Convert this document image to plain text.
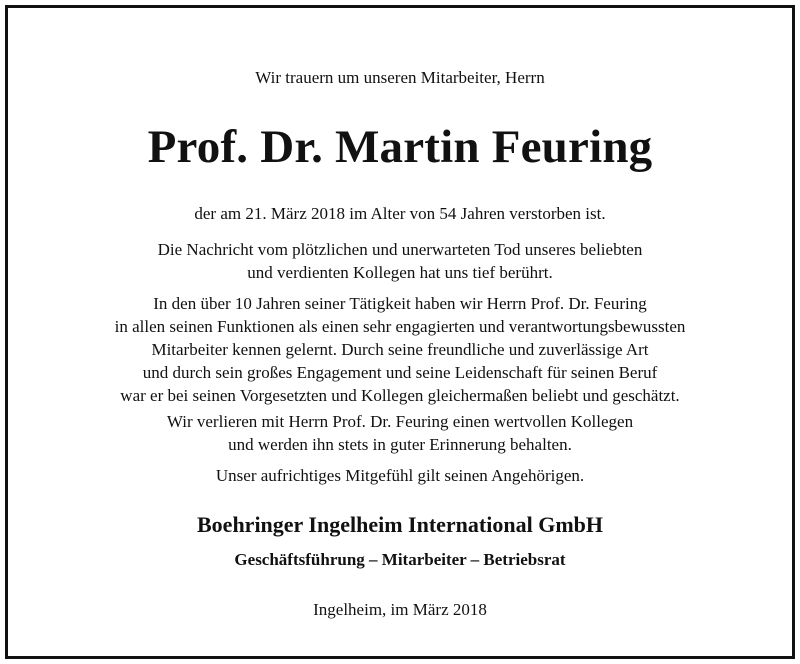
Wir trauern um unseren Mitarbeiter, Herrn
Prof. Dr. Martin Feuring
der am 21. März 2018 im Alter von 54 Jahren verstorben ist.
Die Nachricht vom plötzlichen und unerwarteten Tod unseres beliebten
und verdienten Kollegen hat uns tief berührt.
In den über 10 Jahren seiner Tätigkeit haben wir Herrn Prof. Dr. Feuring
in allen seinen Funktionen als einen sehr engagierten und verantwortungsbewussten
Mitarbeiter kennen gelernt. Durch seine freundliche und zuverlässige Art
und durch sein großes Engagement und seine Leidenschaft für seinen Beruf
war er bei seinen Vorgesetzten und Kollegen gleichermaßen beliebt und geschätzt.
Wir verlieren mit Herrn Prof. Dr. Feuring einen wertvollen Kollegen
und werden ihn stets in guter Erinnerung behalten.
Unser aufrichtiges Mitgefühl gilt seinen Angehörigen.
Boehringer Ingelheim International GmbH
Geschäftsführung – Mitarbeiter – Betriebsrat
Ingelheim, im März 2018
